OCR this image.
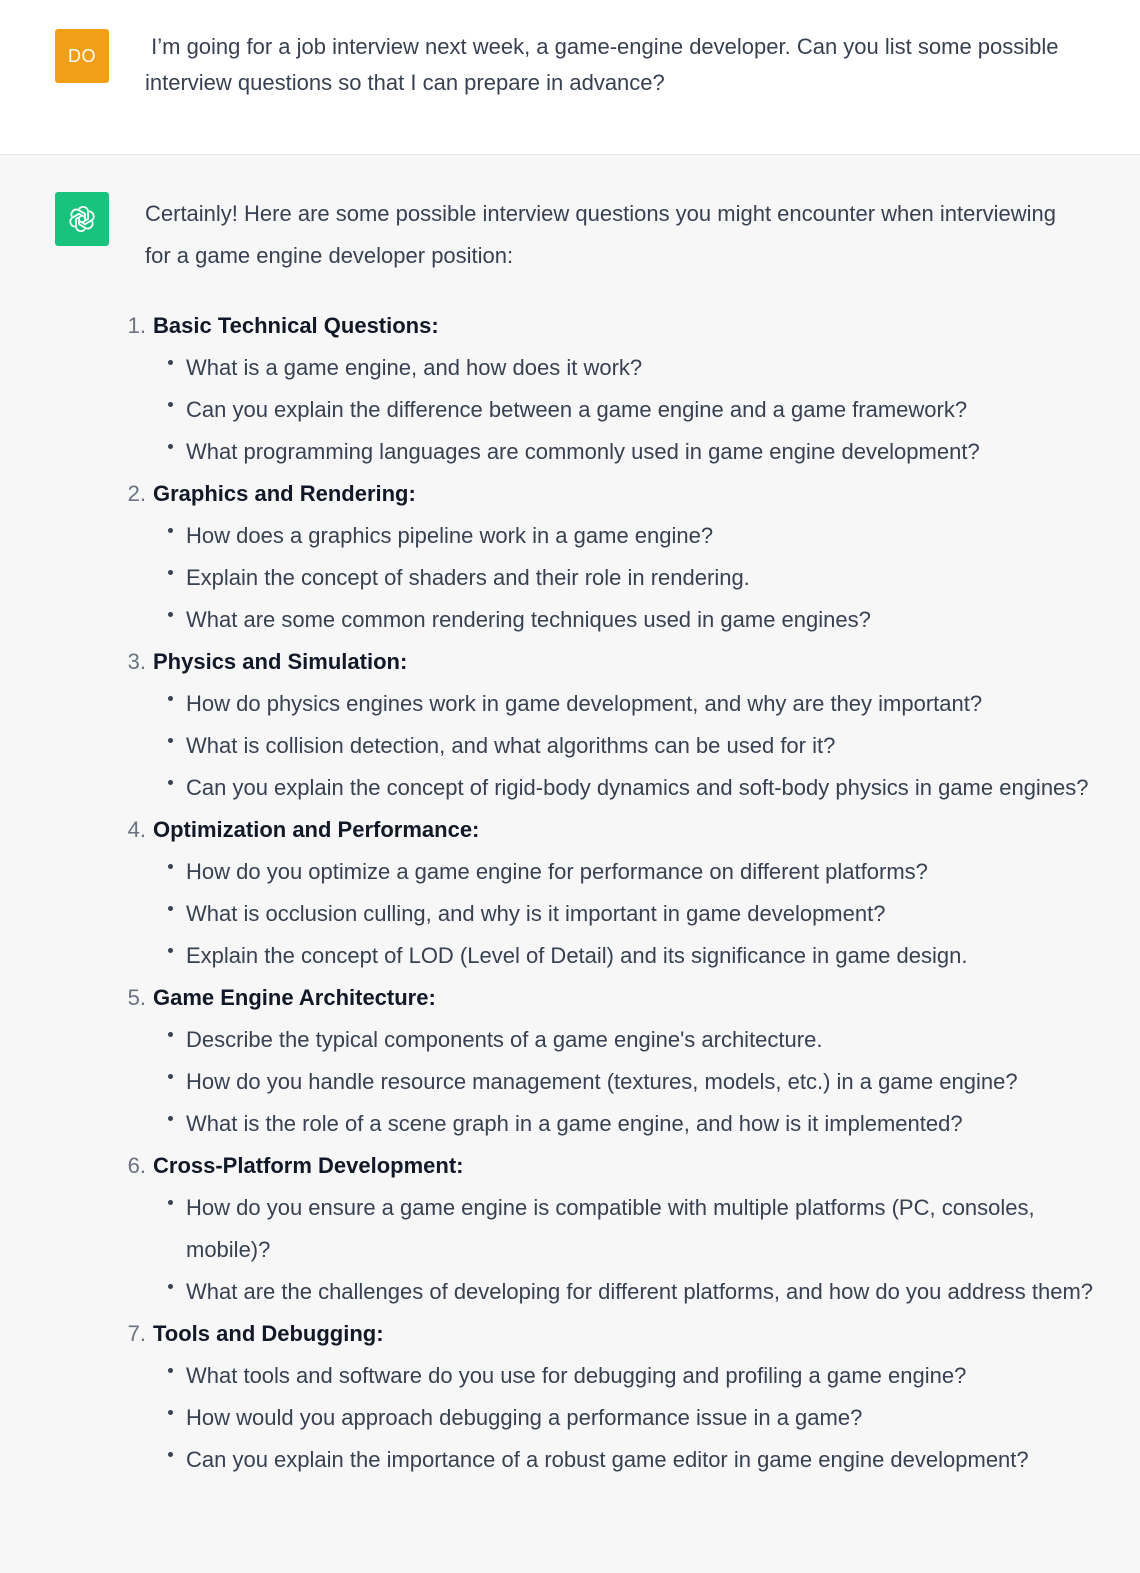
DO I’m going for a job interview next week, a game-engine developer. Can you list some possible interview questions so that I can prepare in advance?

Certainly! Here are some possible interview questions you might encounter when interviewing for a game engine developer position:

1. Basic Technical Questions:
What is a game engine, and how does it work?
Can you explain the difference between a game engine and a game framework?
What programming languages are commonly used in game engine development?
2. Graphics and Rendering:
How does a graphics pipeline work in a game engine?
Explain the concept of shaders and their role in rendering.
What are some common rendering techniques used in game engines?
3. Physics and Simulation:
How do physics engines work in game development, and why are they important?
What is collision detection, and what algorithms can be used for it?
Can you explain the concept of rigid-body dynamics and soft-body physics in game engines?
4. Optimization and Performance:
How do you optimize a game engine for performance on different platforms?
What is occlusion culling, and why is it important in game development?
Explain the concept of LOD (Level of Detail) and its significance in game design.
5. Game Engine Architecture:
Describe the typical components of a game engine's architecture.
How do you handle resource management (textures, models, etc.) in a game engine?
What is the role of a scene graph in a game engine, and how is it implemented?
6. Cross-Platform Development:
How do you ensure a game engine is compatible with multiple platforms (PC, consoles, mobile)?
What are the challenges of developing for different platforms, and how do you address them?
7. Tools and Debugging:
What tools and software do you use for debugging and profiling a game engine?
How would you approach debugging a performance issue in a game?
Can you explain the importance of a robust game editor in game engine development?
